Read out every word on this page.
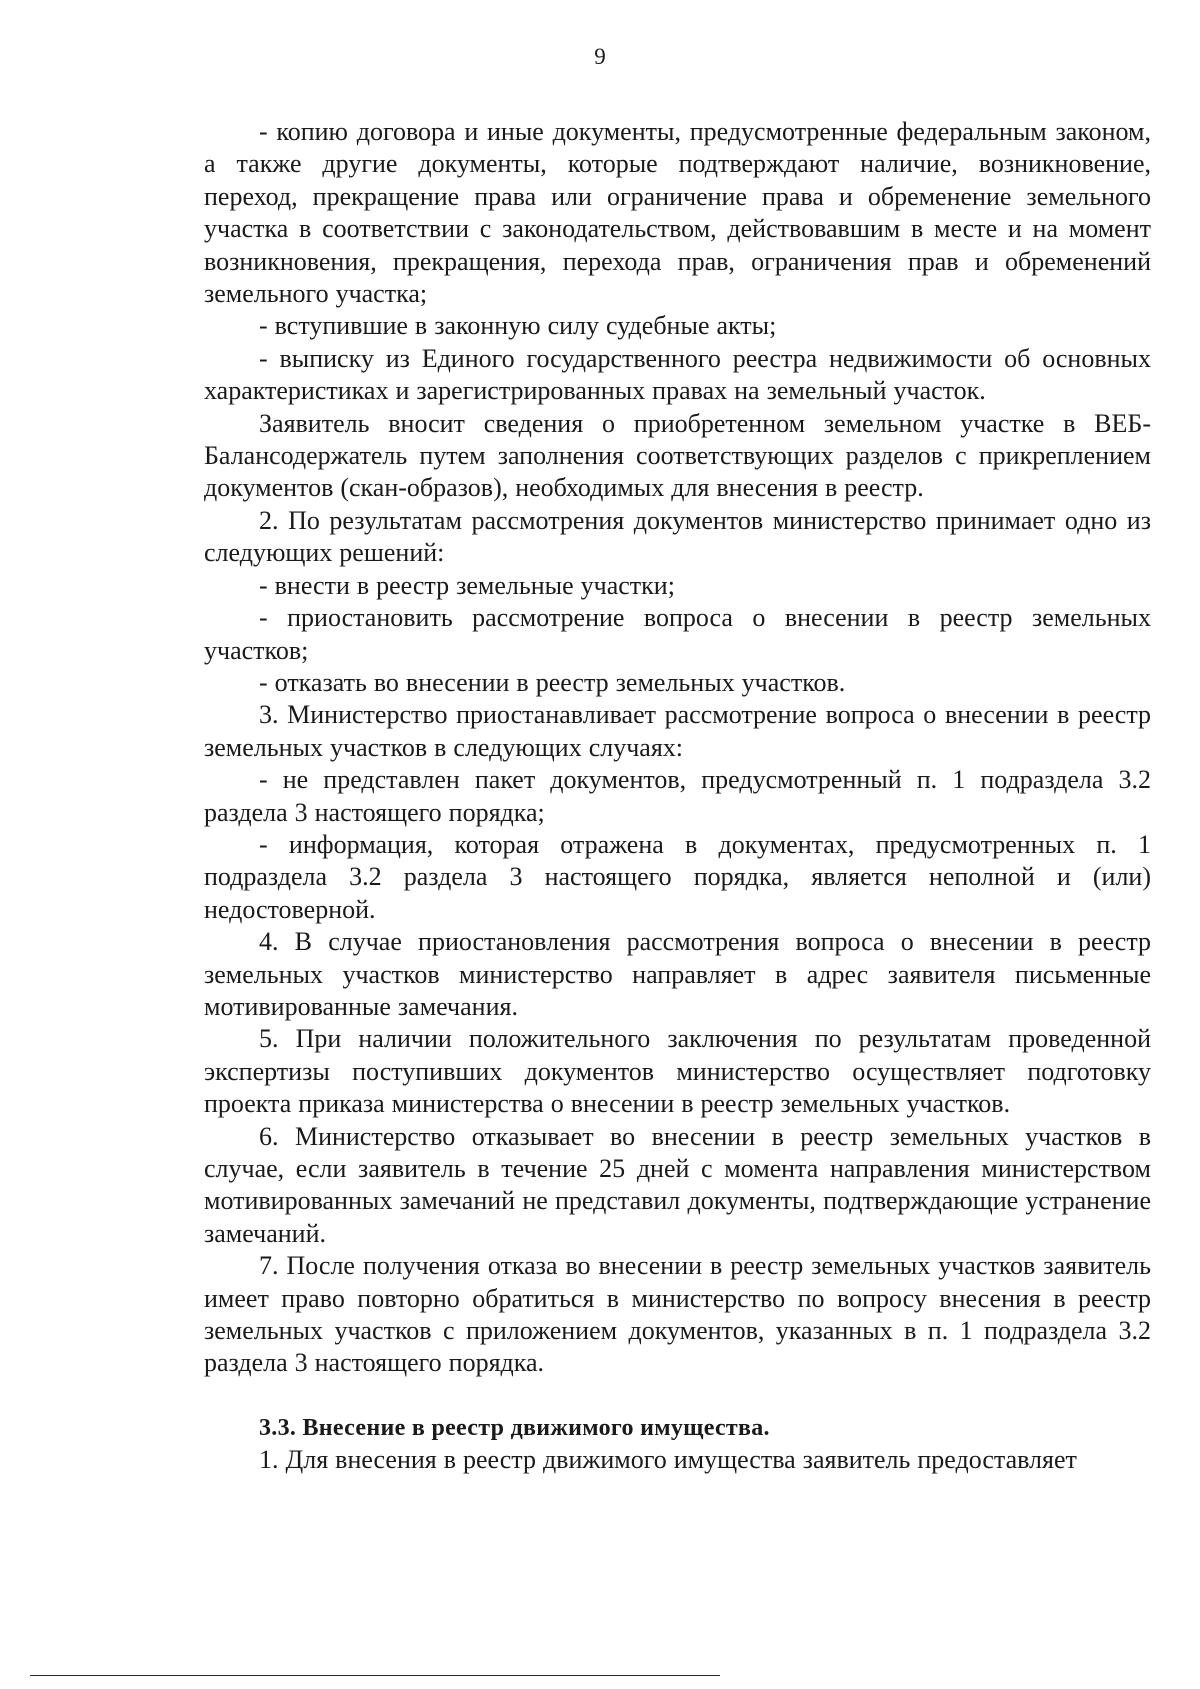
9

- копию договора и иные документы, предусмотренные федеральным законом, а также другие документы, которые подтверждают наличие, возникновение, переход, прекращение права или ограничение права и обременение земельного участка в соответствии с законодательством, действовавшим в месте и на момент возникновения, прекращения, перехода прав, ограничения прав и обременений земельного участка;

- вступившие в законную силу судебные акты;

- выписку из Единого государственного реестра недвижимости об основных характеристиках и зарегистрированных правах на земельный участок.

Заявитель вносит сведения о приобретенном земельном участке в ВЕБ-Балансодержатель путем заполнения соответствующих разделов с прикреплением документов (скан-образов), необходимых для внесения в реестр.

2. По результатам рассмотрения документов министерство принимает одно из следующих решений:

- внести в реестр земельные участки;

- приостановить рассмотрение вопроса о внесении в реестр земельных участков;

- отказать во внесении в реестр земельных участков.

3. Министерство приостанавливает рассмотрение вопроса о внесении в реестр земельных участков в следующих случаях:

- не представлен пакет документов, предусмотренный п. 1 подраздела 3.2 раздела 3 настоящего порядка;

- информация, которая отражена в документах, предусмотренных п. 1 подраздела 3.2 раздела 3 настоящего порядка, является неполной и (или) недостоверной.

4. В случае приостановления рассмотрения вопроса о внесении в реестр земельных участков министерство направляет в адрес заявителя письменные мотивированные замечания.

5. При наличии положительного заключения по результатам проведенной экспертизы поступивших документов министерство осуществляет подготовку проекта приказа министерства о внесении в реестр земельных участков.

6. Министерство отказывает во внесении в реестр земельных участков в случае, если заявитель в течение 25 дней с момента направления министерством мотивированных замечаний не представил документы, подтверждающие устранение замечаний.

7. После получения отказа во внесении в реестр земельных участков заявитель имеет право повторно обратиться в министерство по вопросу внесения в реестр земельных участков с приложением документов, указанных в п. 1 подраздела 3.2 раздела 3 настоящего порядка.

3.3. Внесение в реестр движимого имущества.

1. Для внесения в реестр движимого имущества заявитель предоставляет
